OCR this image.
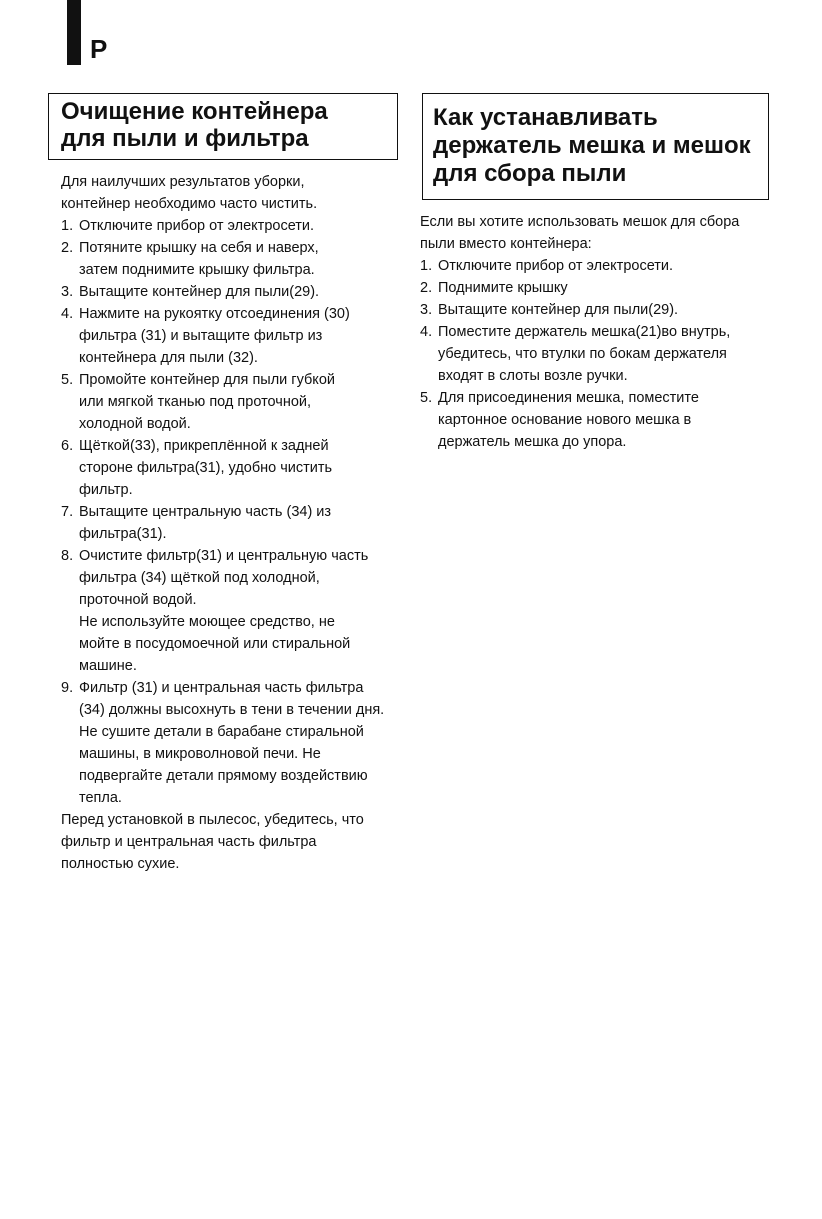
P
Очищение контейнера
для пыли и фильтра
Как устанавливать
держатель мешка и мешок
для сбора пыли
Для наилучших результатов уборки,
контейнер необходимо часто чистить.
1. Отключите прибор от электросети.
2. Потяните крышку на себя и наверх,
затем поднимите крышку фильтра.
3. Вытащите контейнер для пыли(29).
4. Нажмите на рукоятку отсоединения (30)
фильтра (31) и вытащите фильтр из
контейнера для пыли (32).
5. Промойте контейнер для пыли губкой
или мягкой тканью под проточной,
холодной водой.
6. Щёткой(33), прикреплённой к задней
стороне фильтра(31), удобно чистить
фильтр.
7. Вытащите центральную часть (34) из
фильтра(31).
8. Очистите фильтр(31) и центральную часть
фильтра (34) щёткой под холодной,
проточной водой.
Не используйте моющее средство, не
мойте в посудомоечной или стиральной
машине.
9. Фильтр (31) и центральная часть фильтра
(34) должны высохнуть в тени в течении дня.
Не сушите детали в барабане стиральной
машины, в микроволновой печи. Не
подвергайте детали прямому воздействию
тепла.
Перед установкой в пылесос, убедитесь, что
фильтр и центральная часть фильтра
полностью сухие.
Если вы хотите использовать мешок для сбора
пыли вместо контейнера:
1. Отключите прибор от электросети.
2. Поднимите крышку
3. Вытащите контейнер для пыли(29).
4. Поместите держатель мешка(21)во внутрь,
убедитесь, что втулки по бокам держателя
входят в слоты возле ручки.
5. Для присоединения мешка, поместите
картонное основание нового мешка в
держатель мешка до упора.
